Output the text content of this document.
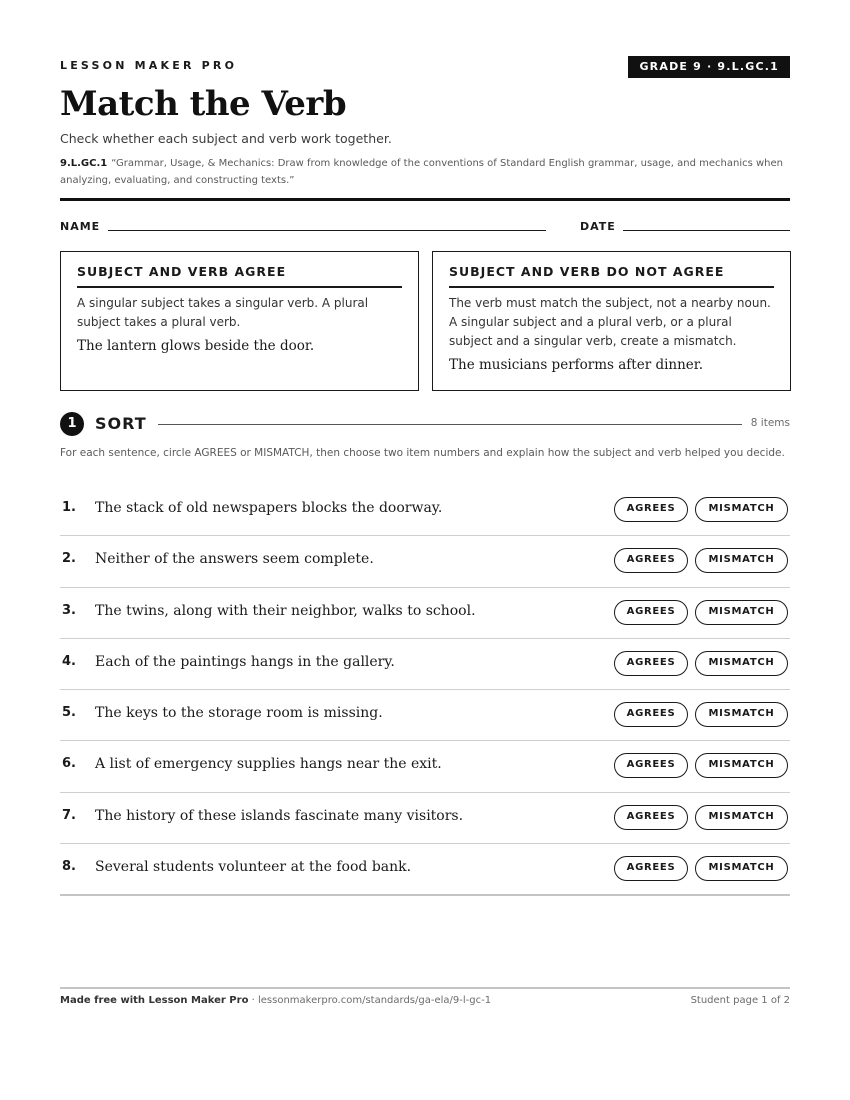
LESSON MAKER PRO	GRADE 9 · 9.L.GC.1
Match the Verb
Check whether each subject and verb work together.
9.L.GC.1 “Grammar, Usage, & Mechanics: Draw from knowledge of the conventions of Standard English grammar, usage, and mechanics when analyzing, evaluating, and constructing texts.”
NAME	DATE
SUBJECT AND VERB AGREE
A singular subject takes a singular verb. A plural subject takes a plural verb.
The lantern glows beside the door.
SUBJECT AND VERB DO NOT AGREE
The verb must match the subject, not a nearby noun. A singular subject and a plural verb, or a plural subject and a singular verb, create a mismatch.
The musicians performs after dinner.
1	SORT	8 items
For each sentence, circle AGREES or MISMATCH, then choose two item numbers and explain how the subject and verb helped you decide.
1. The stack of old newspapers blocks the doorway.	AGREES	MISMATCH
2. Neither of the answers seem complete.	AGREES	MISMATCH
3. The twins, along with their neighbor, walks to school.	AGREES	MISMATCH
4. Each of the paintings hangs in the gallery.	AGREES	MISMATCH
5. The keys to the storage room is missing.	AGREES	MISMATCH
6. A list of emergency supplies hangs near the exit.	AGREES	MISMATCH
7. The history of these islands fascinate many visitors.	AGREES	MISMATCH
8. Several students volunteer at the food bank.	AGREES	MISMATCH
Made free with Lesson Maker Pro · lessonmakerpro.com/standards/ga-ela/9-l-gc-1	Student page 1 of 2
